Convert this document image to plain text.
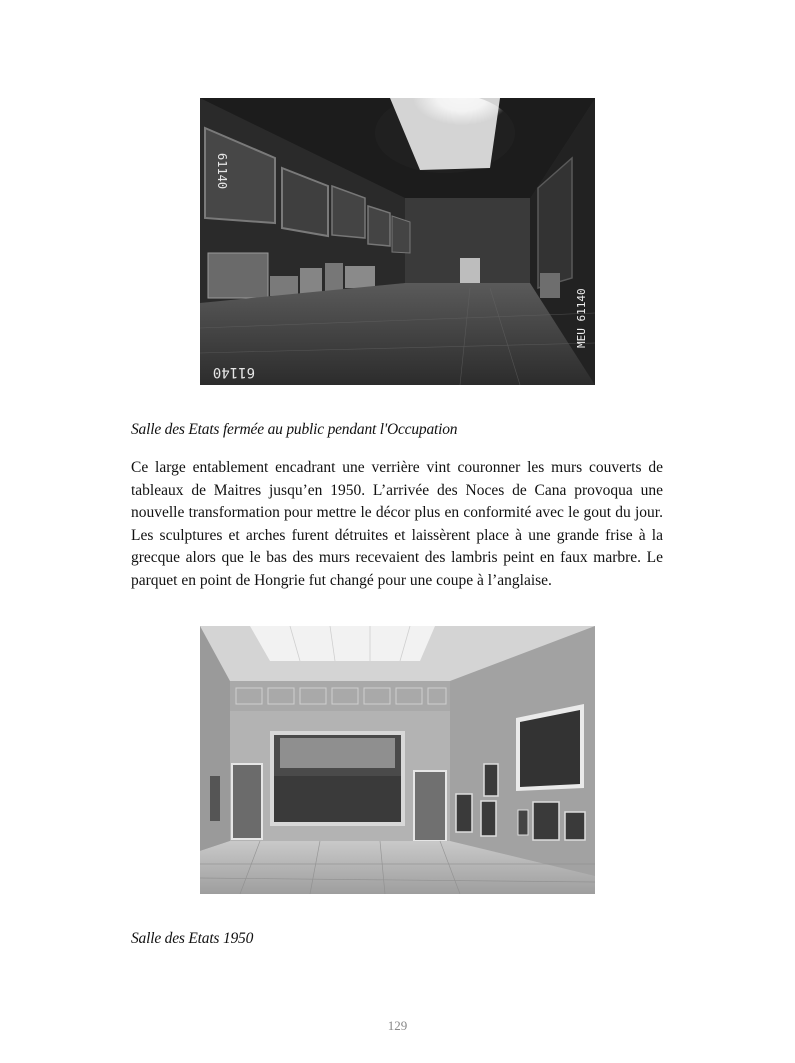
61140
61140
MEU 61140
Salle des Etats fermée au public pendant l'Occupation
Ce large entablement encadrant une verrière vint couronner les murs couverts de tableaux de Maitres jusqu’en 1950. L’arrivée des Noces de Cana provoqua une nouvelle transformation pour mettre le décor plus en conformité avec le gout du jour. Les sculptures et arches furent détruites et laissèrent place à une grande frise à la grecque alors que le bas des murs recevaient des lambris peint en faux marbre. Le parquet en point de Hongrie fut changé pour une coupe à l’anglaise.
Salle des Etats 1950
129
